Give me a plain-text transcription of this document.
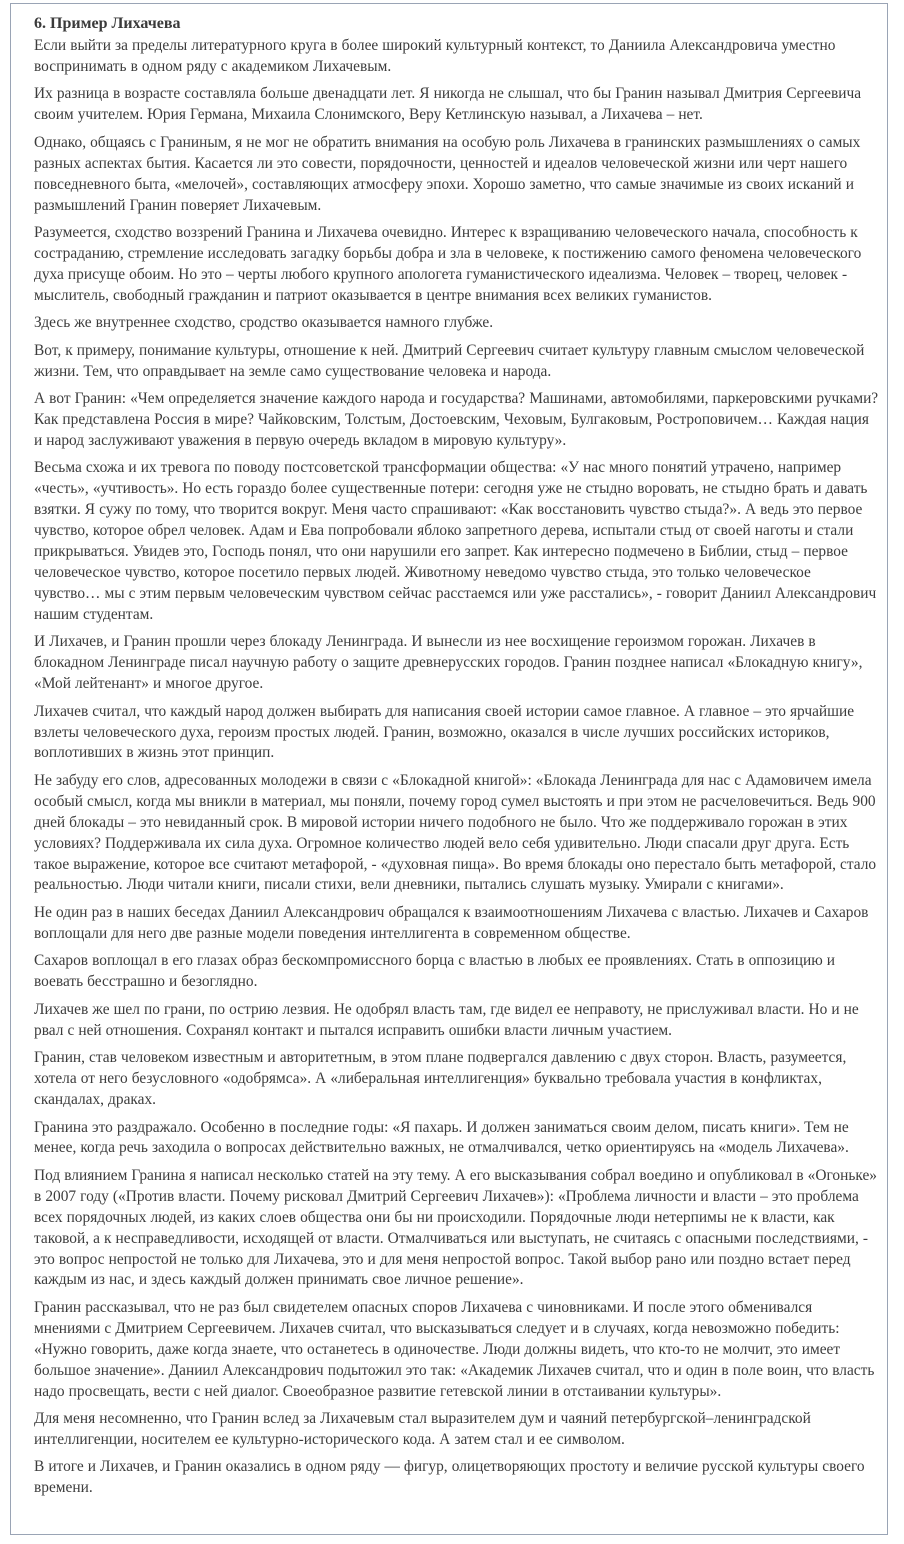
6. Пример Лихачева

Если выйти за пределы литературного круга в более широкий культурный контекст, то Даниила Александровича уместно воспринимать в одном ряду с академиком Лихачевым.

Их разница в возрасте составляла больше двенадцати лет. Я никогда не слышал, что бы Гранин называл Дмитрия Сергеевича своим учителем. Юрия Германа, Михаила Слонимского, Веру Кетлинскую называл, а Лихачева – нет.

Однако, общаясь с Граниным, я не мог не обратить внимания на особую роль Лихачева в гранинских размышлениях о самых разных аспектах бытия. Касается ли это совести, порядочности, ценностей и идеалов человеческой жизни или черт нашего повседневного быта, «мелочей», составляющих атмосферу эпохи. Хорошо заметно, что самые значимые из своих исканий и размышлений Гранин поверяет Лихачевым.

Разумеется, сходство воззрений Гранина и Лихачева очевидно. Интерес к взращиванию человеческого начала, способность к состраданию, стремление исследовать загадку борьбы добра и зла в человеке, к постижению самого феномена человеческого духа присуще обоим. Но это – черты любого крупного апологета гуманистического идеализма. Человек – творец, человек - мыслитель, свободный гражданин и патриот оказывается в центре внимания всех великих гуманистов.

Здесь же внутреннее сходство, сродство оказывается намного глубже.

Вот, к примеру, понимание культуры, отношение к ней. Дмитрий Сергеевич считает культуру главным смыслом человеческой жизни. Тем, что оправдывает на земле само существование человека и народа.

А вот Гранин: «Чем определяется значение каждого народа и государства? Машинами, автомобилями, паркеровскими ручками? Как представлена Россия в мире? Чайковским, Толстым, Достоевским, Чеховым, Булгаковым, Ростроповичем… Каждая нация и народ заслуживают уважения в первую очередь вкладом в мировую культуру».

Весьма схожа и их тревога по поводу постсоветской трансформации общества: «У нас много понятий утрачено, например «честь», «учтивость». Но есть гораздо более существенные потери: сегодня уже не стыдно воровать, не стыдно брать и давать взятки. Я сужу по тому, что творится вокруг. Меня часто спрашивают: «Как восстановить чувство стыда?». А ведь это первое чувство, которое обрел человек. Адам и Ева попробовали яблоко запретного дерева, испытали стыд от своей наготы и стали прикрываться. Увидев это, Господь понял, что они нарушили его запрет. Как интересно подмечено в Библии, стыд – первое человеческое чувство, которое посетило первых людей. Животному неведомо чувство стыда, это только человеческое чувство… мы с этим первым человеческим чувством сейчас расстаемся или уже расстались», - говорит Даниил Александрович нашим студентам.

И Лихачев, и Гранин прошли через блокаду Ленинграда. И вынесли из нее восхищение героизмом горожан. Лихачев в блокадном Ленинграде писал научную работу о защите древнерусских городов. Гранин позднее написал «Блокадную книгу», «Мой лейтенант» и многое другое.

Лихачев считал, что каждый народ должен выбирать для написания своей истории самое главное. А главное – это ярчайшие взлеты человеческого духа, героизм простых людей. Гранин, возможно, оказался в числе лучших российских историков, воплотивших в жизнь этот принцип.

Не забуду его слов, адресованных молодежи в связи с «Блокадной книгой»: «Блокада Ленинграда для нас с Адамовичем имела особый смысл, когда мы вникли в материал, мы поняли, почему город сумел выстоять и при этом не расчеловечиться. Ведь 900 дней блокады – это невиданный срок. В мировой истории ничего подобного не было. Что же поддерживало горожан в этих условиях? Поддерживала их сила духа. Огромное количество людей вело себя удивительно. Люди спасали друг друга. Есть такое выражение, которое все считают метафорой, - «духовная пища». Во время блокады оно перестало быть метафорой, стало реальностью. Люди читали книги, писали стихи, вели дневники, пытались слушать музыку. Умирали с книгами».

Не один раз в наших беседах Даниил Александрович обращался к взаимоотношениям Лихачева с властью. Лихачев и Сахаров воплощали для него две разные модели поведения интеллигента в современном обществе.

Сахаров воплощал в его глазах образ бескомпромиссного борца с властью в любых ее проявлениях. Стать в оппозицию и воевать бесстрашно и безоглядно.

Лихачев же шел по грани, по острию лезвия. Не одобрял власть там, где видел ее неправоту, не прислуживал власти. Но и не рвал с ней отношения. Сохранял контакт и пытался исправить ошибки власти личным участием.

Гранин, став человеком известным и авторитетным, в этом плане подвергался давлению с двух сторон. Власть, разумеется, хотела от него безусловного «одобрямса». А «либеральная интеллигенция» буквально требовала участия в конфликтах, скандалах, драках.

Гранина это раздражало. Особенно в последние годы: «Я пахарь. И должен заниматься своим делом, писать книги». Тем не менее, когда речь заходила о вопросах действительно важных, не отмалчивался, четко ориентируясь на «модель Лихачева».

Под влиянием Гранина я написал несколько статей на эту тему. А его высказывания собрал воедино и опубликовал в «Огоньке» в 2007 году («Против власти. Почему рисковал Дмитрий Сергеевич Лихачев»): «Проблема личности и власти – это проблема всех порядочных людей, из каких слоев общества они бы ни происходили. Порядочные люди нетерпимы не к власти, как таковой, а к несправедливости, исходящей от власти. Отмалчиваться или выступать, не считаясь с опасными последствиями, - это вопрос непростой не только для Лихачева, это и для меня непростой вопрос. Такой выбор рано или поздно встает перед каждым из нас, и здесь каждый должен принимать свое личное решение».

Гранин рассказывал, что не раз был свидетелем опасных споров Лихачева с чиновниками. И после этого обменивался мнениями с Дмитрием Сергеевичем. Лихачев считал, что высказываться следует и в случаях, когда невозможно победить: «Нужно говорить, даже когда знаете, что останетесь в одиночестве. Люди должны видеть, что кто-то не молчит, это имеет большое значение». Даниил Александрович подытожил это так: «Академик Лихачев считал, что и один в поле воин, что власть надо просвещать, вести с ней диалог. Своеобразное развитие гетевской линии в отстаивании культуры».

Для меня несомненно, что Гранин вслед за Лихачевым стал выразителем дум и чаяний петербургской–ленинградской интеллигенции, носителем ее культурно-исторического кода. А затем стал и ее символом.

В итоге и Лихачев, и Гранин оказались в одном ряду — фигур, олицетворяющих простоту и величие русской культуры своего времени.
